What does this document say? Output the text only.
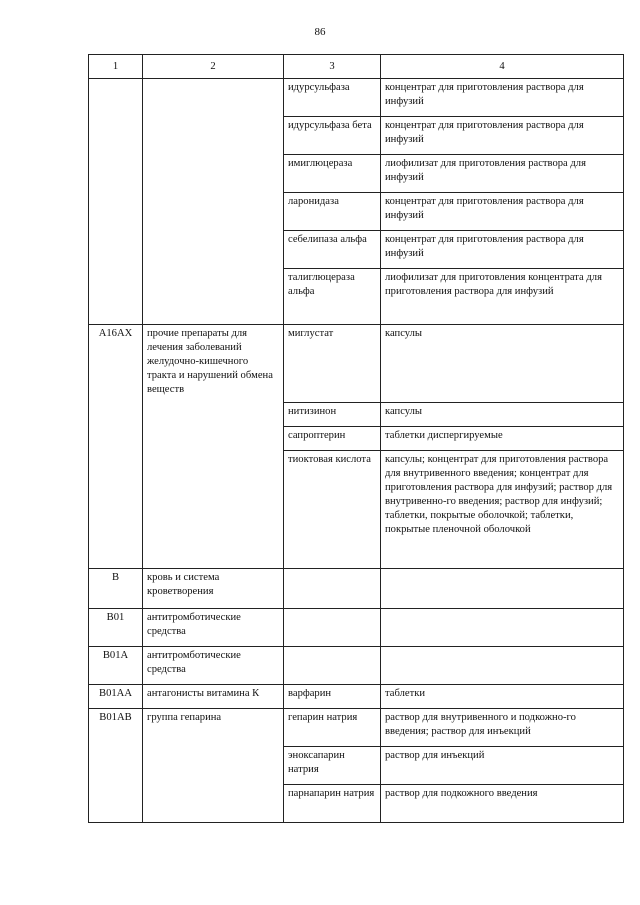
86
1	2	3	4
		идурсульфаза	концентрат для приготовления раствора для инфузий
		идурсульфаза бета	концентрат для приготовления раствора для инфузий
		имиглюцераза	лиофилизат для приготовления раствора для инфузий
		ларонидаза	концентрат для приготовления раствора для инфузий
		себелипаза альфа	концентрат для приготовления раствора для инфузий
		талиглюцераза альфа	лиофилизат для приготовления концентрата для приготовления раствора для инфузий
A16AX	прочие препараты для лечения заболеваний желудочно-кишечного тракта и нарушений обмена веществ	миглустат	капсулы
		нитизинон	капсулы
		сапроптерин	таблетки диспергируемые
		тиоктовая кислота	капсулы; концентрат для приготовления раствора для внутривенного введения; концентрат для приготовления раствора для инфузий; раствор для внутривенно-го введения; раствор для инфузий; таблетки, покрытые оболочкой; таблетки, покрытые пленочной оболочкой
B	кровь и система кроветворения		
B01	антитромботические средства		
B01A	антитромботические средства		
B01AA	антагонисты витамина К	варфарин	таблетки
B01AB	группа гепарина	гепарин натрия	раствор для внутривенного и подкожно-го введения; раствор для инъекций
		эноксапарин натрия	раствор для инъекций
		парнапарин натрия	раствор для подкожного введения
